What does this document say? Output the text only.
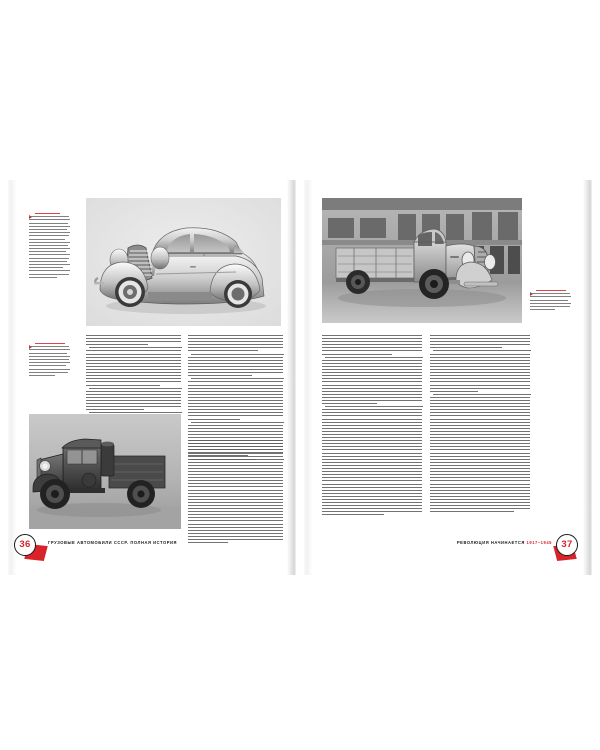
36	ГРУЗОВЫЕ АВТОМОБИЛИ СССР. ПОЛНАЯ ИСТОРИЯ	37
РЕВОЛЮЦИЯ НАЧИНАЕТСЯ 1917–1945
